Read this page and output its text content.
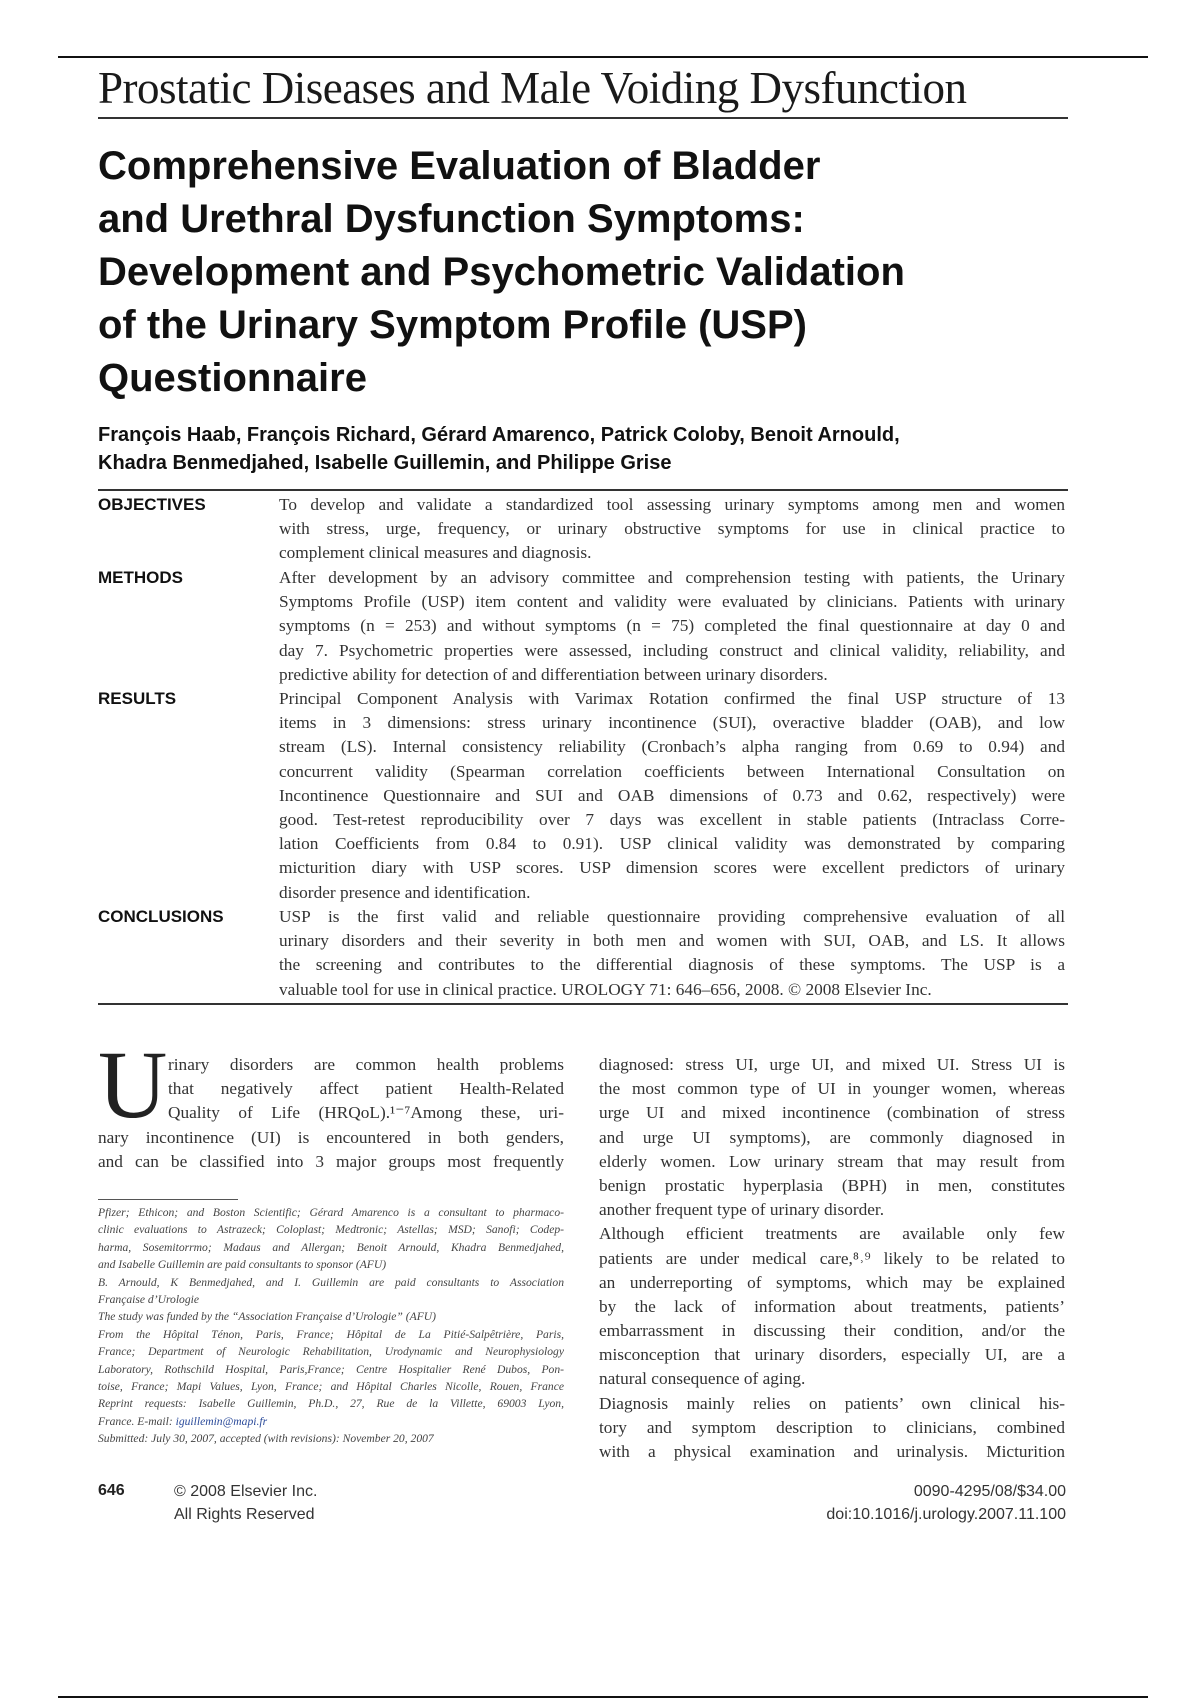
Prostatic Diseases and Male Voiding Dysfunction
Comprehensive Evaluation of Bladder
and Urethral Dysfunction Symptoms:
Development and Psychometric Validation
of the Urinary Symptom Profile (USP)
Questionnaire
François Haab, François Richard, Gérard Amarenco, Patrick Coloby, Benoit Arnould,
Khadra Benmedjahed, Isabelle Guillemin, and Philippe Grise
OBJECTIVES	To develop and validate a standardized tool assessing urinary symptoms among men and women
with stress, urge, frequency, or urinary obstructive symptoms for use in clinical practice to
complement clinical measures and diagnosis.
METHODS	After development by an advisory committee and comprehension testing with patients, the Urinary
Symptoms Profile (USP) item content and validity were evaluated by clinicians. Patients with urinary
symptoms (n = 253) and without symptoms (n = 75) completed the final questionnaire at day 0 and
day 7. Psychometric properties were assessed, including construct and clinical validity, reliability, and
predictive ability for detection of and differentiation between urinary disorders.
RESULTS	Principal Component Analysis with Varimax Rotation confirmed the final USP structure of 13
items in 3 dimensions: stress urinary incontinence (SUI), overactive bladder (OAB), and low
stream (LS). Internal consistency reliability (Cronbach’s alpha ranging from 0.69 to 0.94) and
concurrent validity (Spearman correlation coefficients between International Consultation on
Incontinence Questionnaire and SUI and OAB dimensions of 0.73 and 0.62, respectively) were
good. Test-retest reproducibility over 7 days was excellent in stable patients (Intraclass Corre-
lation Coefficients from 0.84 to 0.91). USP clinical validity was demonstrated by comparing
micturition diary with USP scores. USP dimension scores were excellent predictors of urinary
disorder presence and identification.
CONCLUSIONS	USP is the first valid and reliable questionnaire providing comprehensive evaluation of all
urinary disorders and their severity in both men and women with SUI, OAB, and LS. It allows
the screening and contributes to the differential diagnosis of these symptoms. The USP is a
valuable tool for use in clinical practice. UROLOGY 71: 646–656, 2008. © 2008 Elsevier Inc.
U rinary disorders are common health problems
that negatively affect patient Health-Related
Quality of Life (HRQoL).¹⁻⁷Among these, uri-
nary incontinence (UI) is encountered in both genders,
and can be classified into 3 major groups most frequently
Pfizer; Ethicon; and Boston Scientific; Gérard Amarenco is a consultant to pharmaco-
clinic evaluations to Astrazeck; Coloplast; Medtronic; Astellas; MSD; Sanofi; Codep-
harma, Sosemitorrmo; Madaus and Allergan; Benoit Arnould, Khadra Benmedjahed,
and Isabelle Guillemin are paid consultants to sponsor (AFU)
B. Arnould, K Benmedjahed, and I. Guillemin are paid consultants to Association
Française d’Urologie
The study was funded by the “Association Française d’Urologie” (AFU)
From the Hôpital Ténon, Paris, France; Hôpital de La Pitié-Salpêtrière, Paris,
France; Department of Neurologic Rehabilitation, Urodynamic and Neurophysiology
Laboratory, Rothschild Hospital, Paris,France; Centre Hospitalier René Dubos, Pon-
toise, France; Mapi Values, Lyon, France; and Hôpital Charles Nicolle, Rouen, France
Reprint requests: Isabelle Guillemin, Ph.D., 27, Rue de la Villette, 69003 Lyon,
France. E-mail: iguillemin@mapi.fr
Submitted: July 30, 2007, accepted (with revisions): November 20, 2007
diagnosed: stress UI, urge UI, and mixed UI. Stress UI is
the most common type of UI in younger women, whereas
urge UI and mixed incontinence (combination of stress
and urge UI symptoms), are commonly diagnosed in
elderly women. Low urinary stream that may result from
benign prostatic hyperplasia (BPH) in men, constitutes
another frequent type of urinary disorder.
Although efficient treatments are available only few
patients are under medical care,⁸˒⁹ likely to be related to
an underreporting of symptoms, which may be explained
by the lack of information about treatments, patients’
embarrassment in discussing their condition, and/or the
misconception that urinary disorders, especially UI, are a
natural consequence of aging.
Diagnosis mainly relies on patients’ own clinical his-
tory and symptom description to clinicians, combined
with a physical examination and urinalysis. Micturition
646	© 2008 Elsevier Inc.
All Rights Reserved
0090-4295/08/$34.00
doi:10.1016/j.urology.2007.11.100
